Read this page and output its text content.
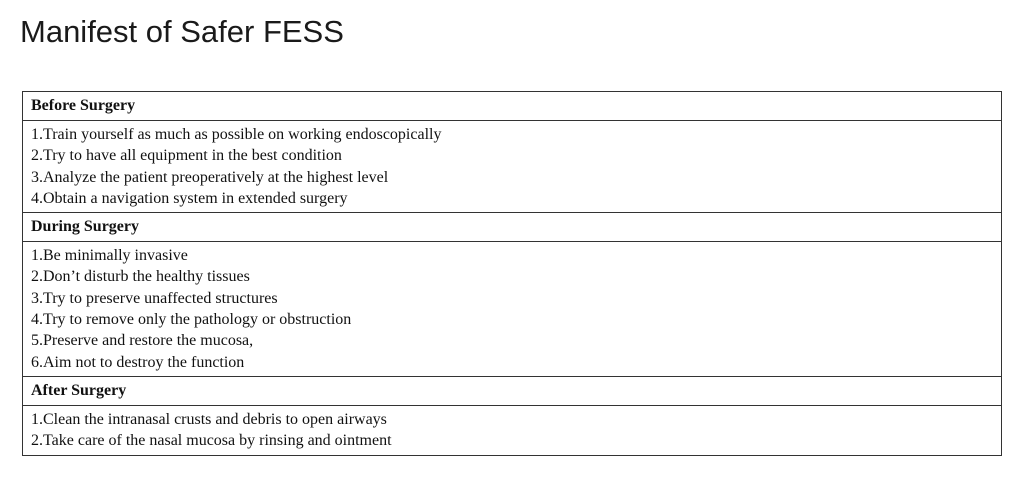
Manifest of Safer FESS
Before Surgery

1.Train yourself as much as possible on working endoscopically
2.Try to have all equipment in the best condition
3.Analyze the patient preoperatively at the highest level
4.Obtain a navigation system in extended surgery

During Surgery

1.Be minimally invasive
2.Don’t disturb the healthy tissues
3.Try to preserve unaffected structures
4.Try to remove only the pathology or obstruction
5.Preserve and restore the mucosa,
6.Aim not to destroy the function

After Surgery

1.Clean the intranasal crusts and debris to open airways
2.Take care of the nasal mucosa by rinsing and ointment
